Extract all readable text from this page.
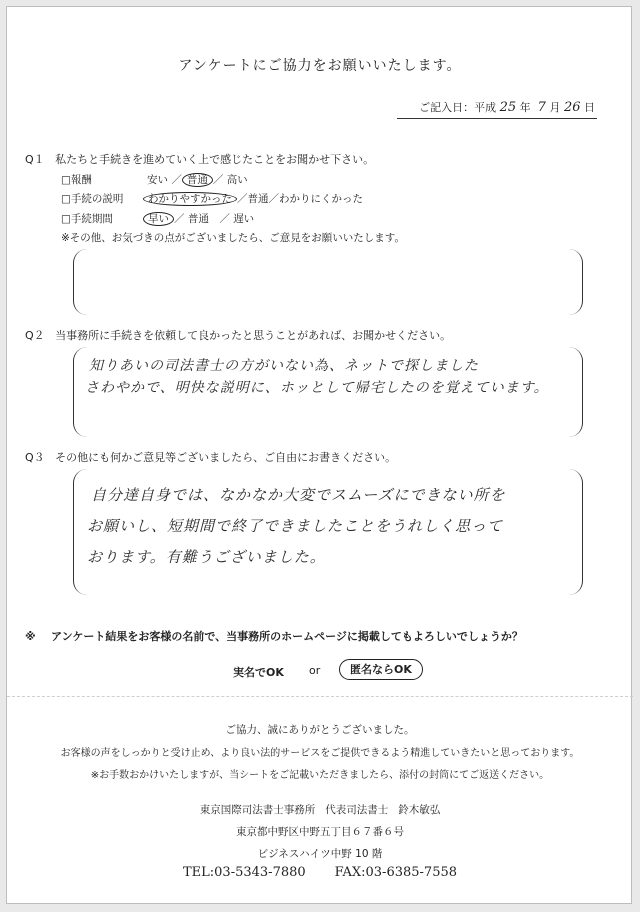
アンケートにご協力をお願いいたします。
ご記入日：平成 25 年 7 月 26 日
Q１ 私たちと手続きを進めていく上で感じたことをお聞かせ下さい。
□報酬	安い ／ 普通 ／ 高い
□手続の説明	わかりやすかった ／普通／わかりにくかった
□手続期間	早い ／ 普通　／ 遅い
※その他、お気づきの点がございましたら、ご意見をお願いいたします。
Q２ 当事務所に手続きを依頼して良かったと思うことがあれば、お聞かせください。
知りあいの司法書士の方がいない為、ネットで探しました
さわやかで、明快な説明に、ホッとして帰宅したのを覚えています。
Q３ その他にも何かご意見等ございましたら、ご自由にお書きください。
自分達自身では、なかなか大変でスムーズにできない所を
お願いし、短期間で終了できましたことをうれしく思って
おります。有難うございました。
※ アンケート結果をお客様の名前で、当事務所のホームページに掲載してもよろしいでしょうか？
実名でOK or	匿名ならOK
ご協力、誠にありがとうございました。
お客様の声をしっかりと受け止め、より良い法的サービスをご提供できるよう精進していきたいと思っております。
※お手数おかけいたしますが、当シートをご記載いただきましたら、添付の封筒にてご返送ください。
東京国際司法書士事務所 代表司法書士 鈴木敏弘
東京都中野区中野五丁目６７番６号
ビジネスハイツ中野 10 階
TEL:03-5343-7880 FAX:03-6385-7558
